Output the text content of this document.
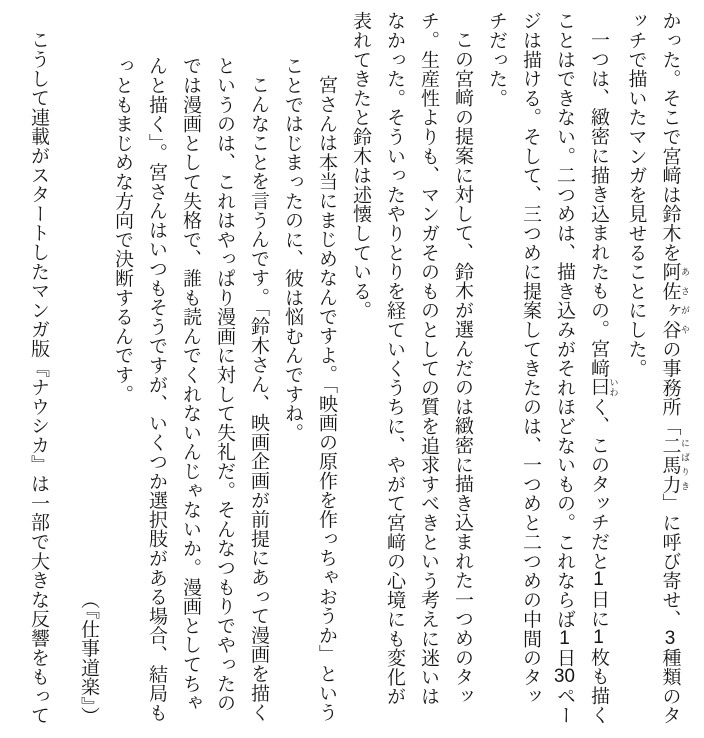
かった。そこで宮﨑は鈴木を阿佐ヶ谷 あさがやの事務所「二馬力 にばりき」に呼び寄せ、3種類のタッチで描いたマンガを見せることにした。

一つは、緻密に描き込まれたもの。宮﨑曰 いわく、このタッチだと1日に1枚も描くことはできない。二つめは、描き込みがそれほどないもの。これならば1日30ページは描ける。そして、三つめに提案してきたのは、一つめと二つめの中間のタッチだった。

この宮﨑の提案に対して、鈴木が選んだのは緻密に描き込まれた一つめのタッチ。生産性よりも、マンガそのものとしての質を追求すべきという考えに迷いはなかった。そういったやりとりを経ていくうちに、やがて宮﨑の心境にも変化が表れてきたと鈴木は述懐している。

宮さんは本当にまじめなんですよ。「映画の原作を作っちゃおうか」ということではじまったのに、彼は悩むんですね。

こんなことを言うんです。「鈴木さん、映画企画が前提にあって漫画を描くというのは、これはやっぱり漫画に対して失礼だ。そんなつもりでやったのでは漫画として失格で、誰も読んでくれないんじゃないか。漫画としてちゃんと描く」。宮さんはいつもそうですが、いくつか選択肢がある場合、結局もっともまじめな方向で決断するんです。

（『仕事道楽』）

こうして連載がスタートしたマンガ版『ナウシカ』は一部で大きな反響をもって
